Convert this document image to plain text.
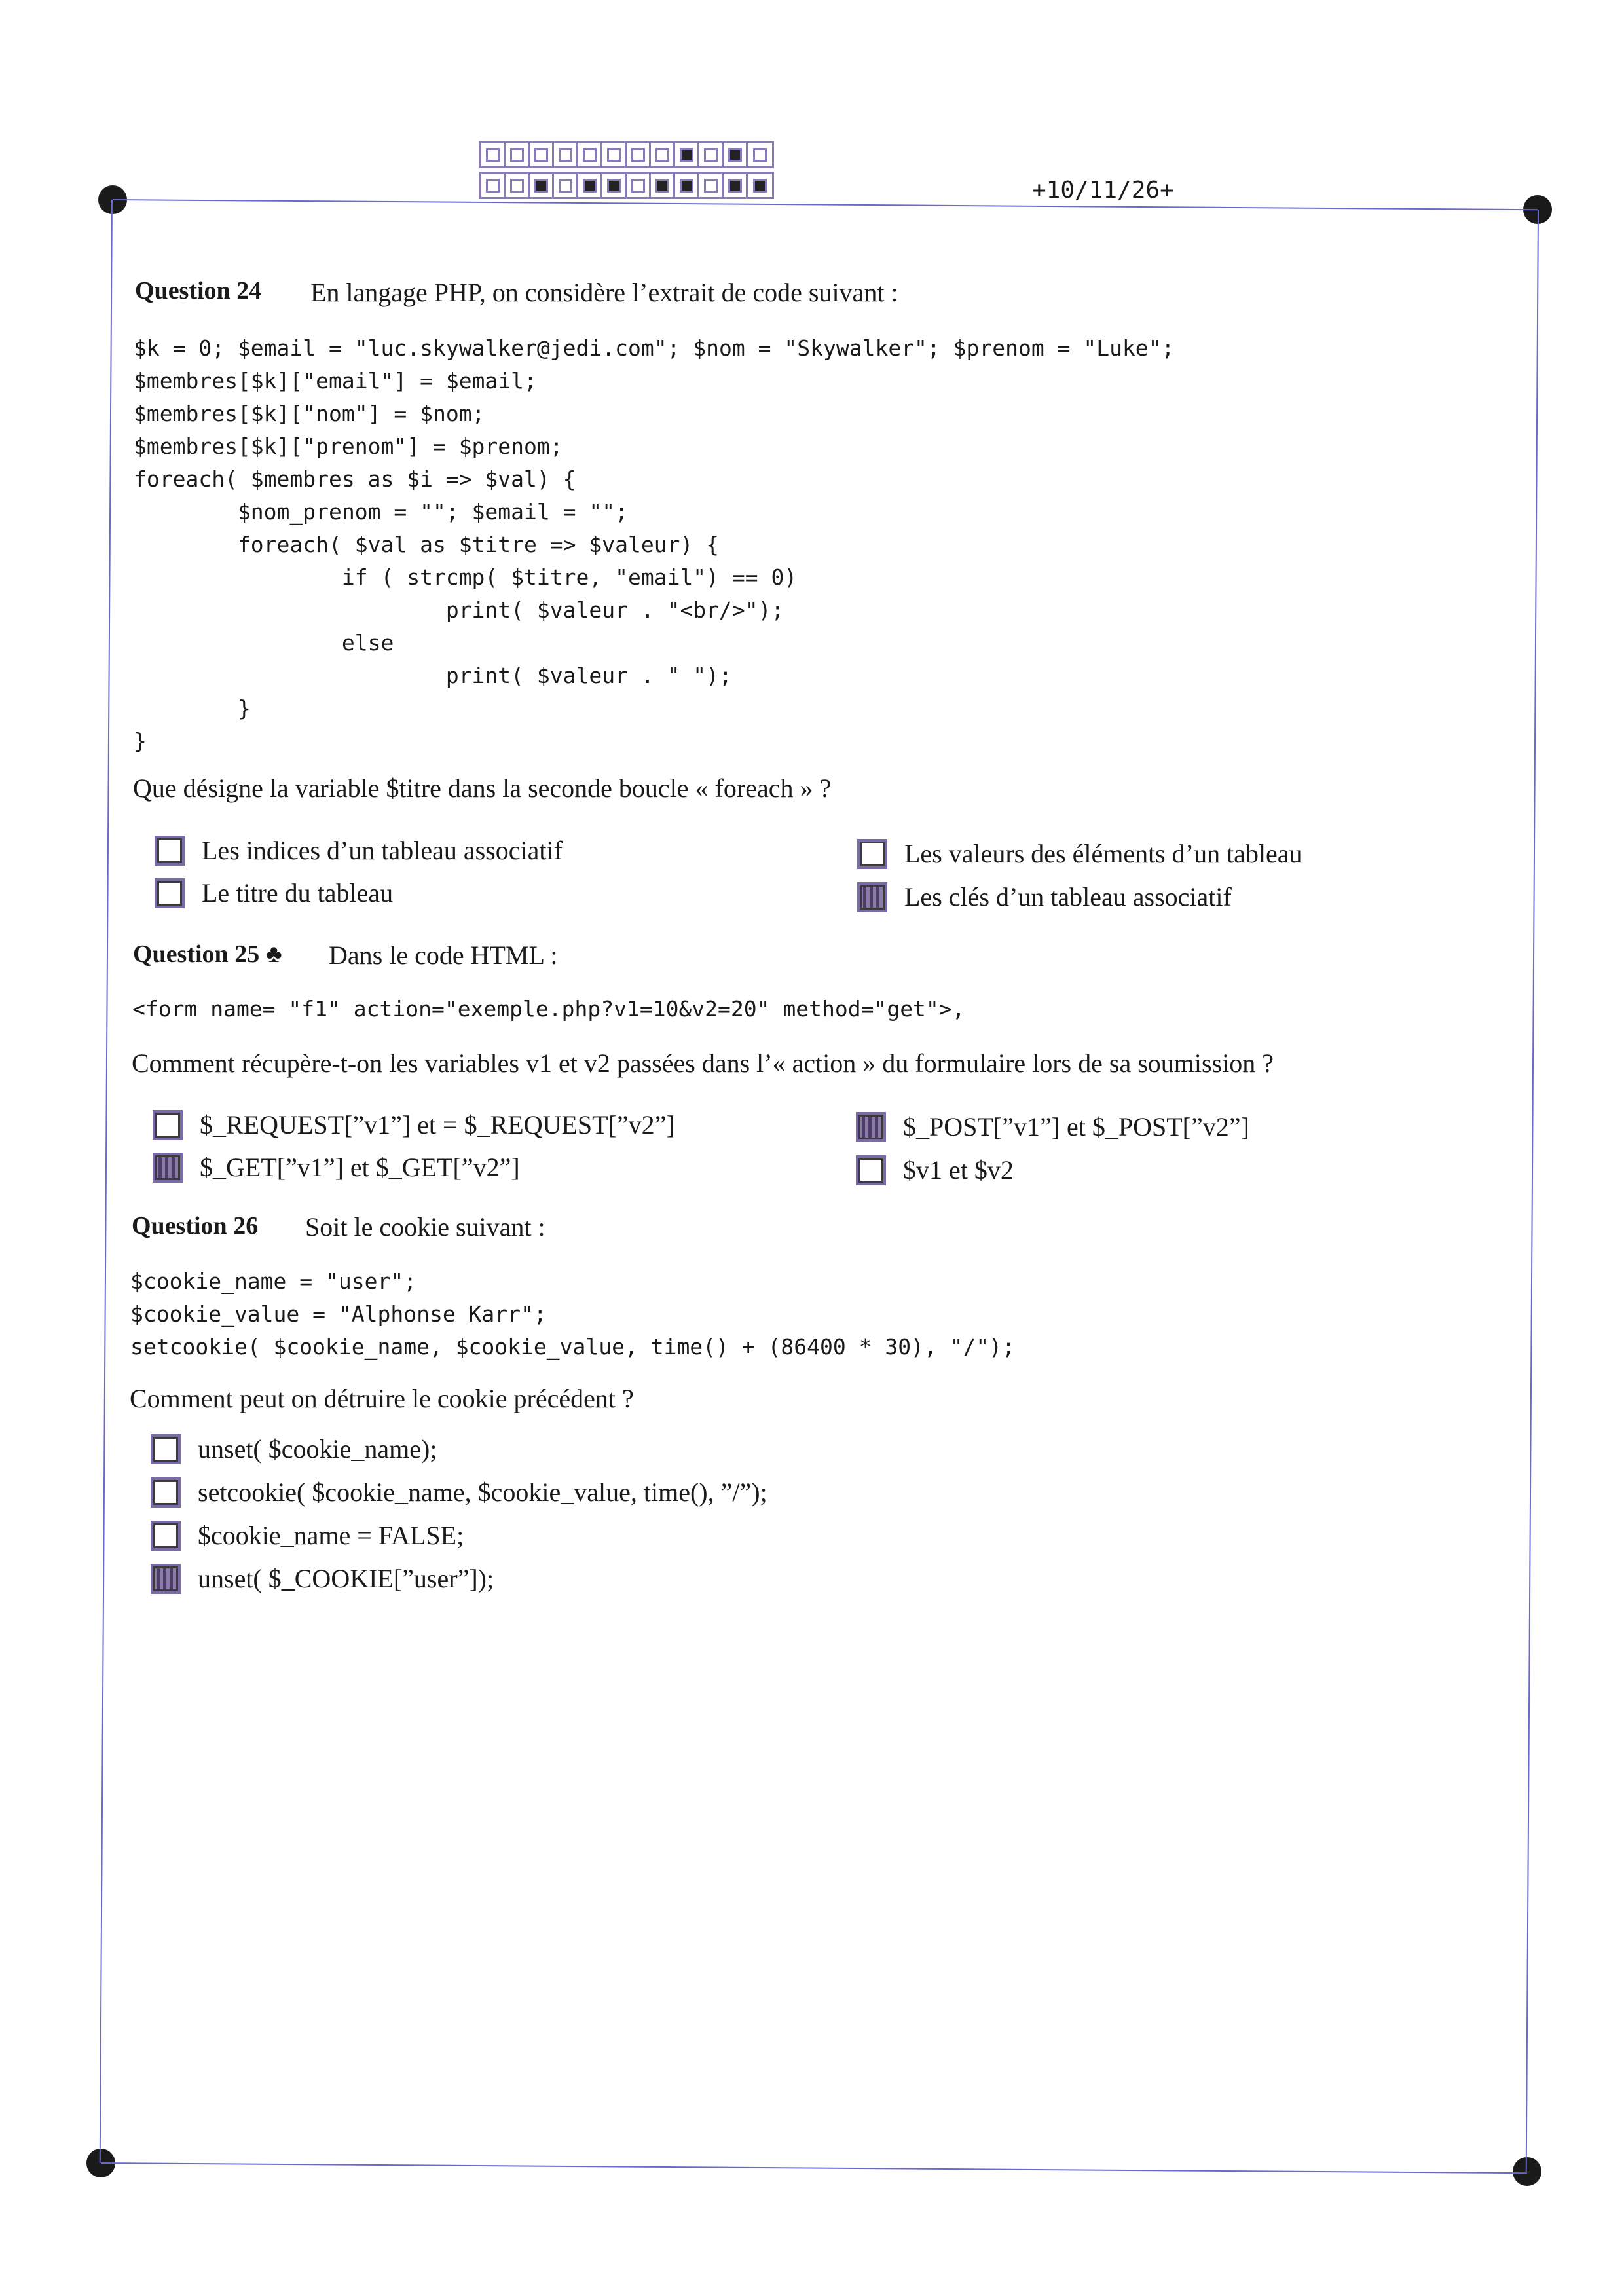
+10/11/26+
Question 24 En langage PHP, on considère l’extrait de code suivant :
$k = 0; $email = "luc.skywalker@jedi.com"; $nom = "Skywalker"; $prenom = "Luke";
$membres[$k]["email"] = $email;
$membres[$k]["nom"] = $nom;
$membres[$k]["prenom"] = $prenom;
foreach( $membres as $i => $val) {
$nom_prenom = ""; $email = "";
foreach( $val as $titre => $valeur) {
if ( strcmp( $titre, "email") == 0)
print( $valeur . "<br/>");
else
print( $valeur . " ");
}
}
Que désigne la variable $titre dans la seconde boucle « foreach » ?
Les indices d’un tableau associatif
Le titre du tableau
Les valeurs des éléments d’un tableau
Les clés d’un tableau associatif
Question 25 ♣ Dans le code HTML :
<form name= "f1" action="exemple.php?v1=10&v2=20" method="get">,
Comment récupère-t-on les variables v1 et v2 passées dans l’« action » du formulaire lors de sa soumission ?
$_REQUEST[”v1”] et = $_REQUEST[”v2”]
$_GET[”v1”] et $_GET[”v2”]
$_POST[”v1”] et $_POST[”v2”]
$v1 et $v2
Question 26 Soit le cookie suivant :
$cookie_name = "user";
$cookie_value = "Alphonse Karr";
setcookie( $cookie_name, $cookie_value, time() + (86400 * 30), "/");
Comment peut on détruire le cookie précédent ?
unset( $cookie_name);
setcookie( $cookie_name, $cookie_value, time(), ”/”);
$cookie_name = FALSE;
unset( $_COOKIE[”user”]);
